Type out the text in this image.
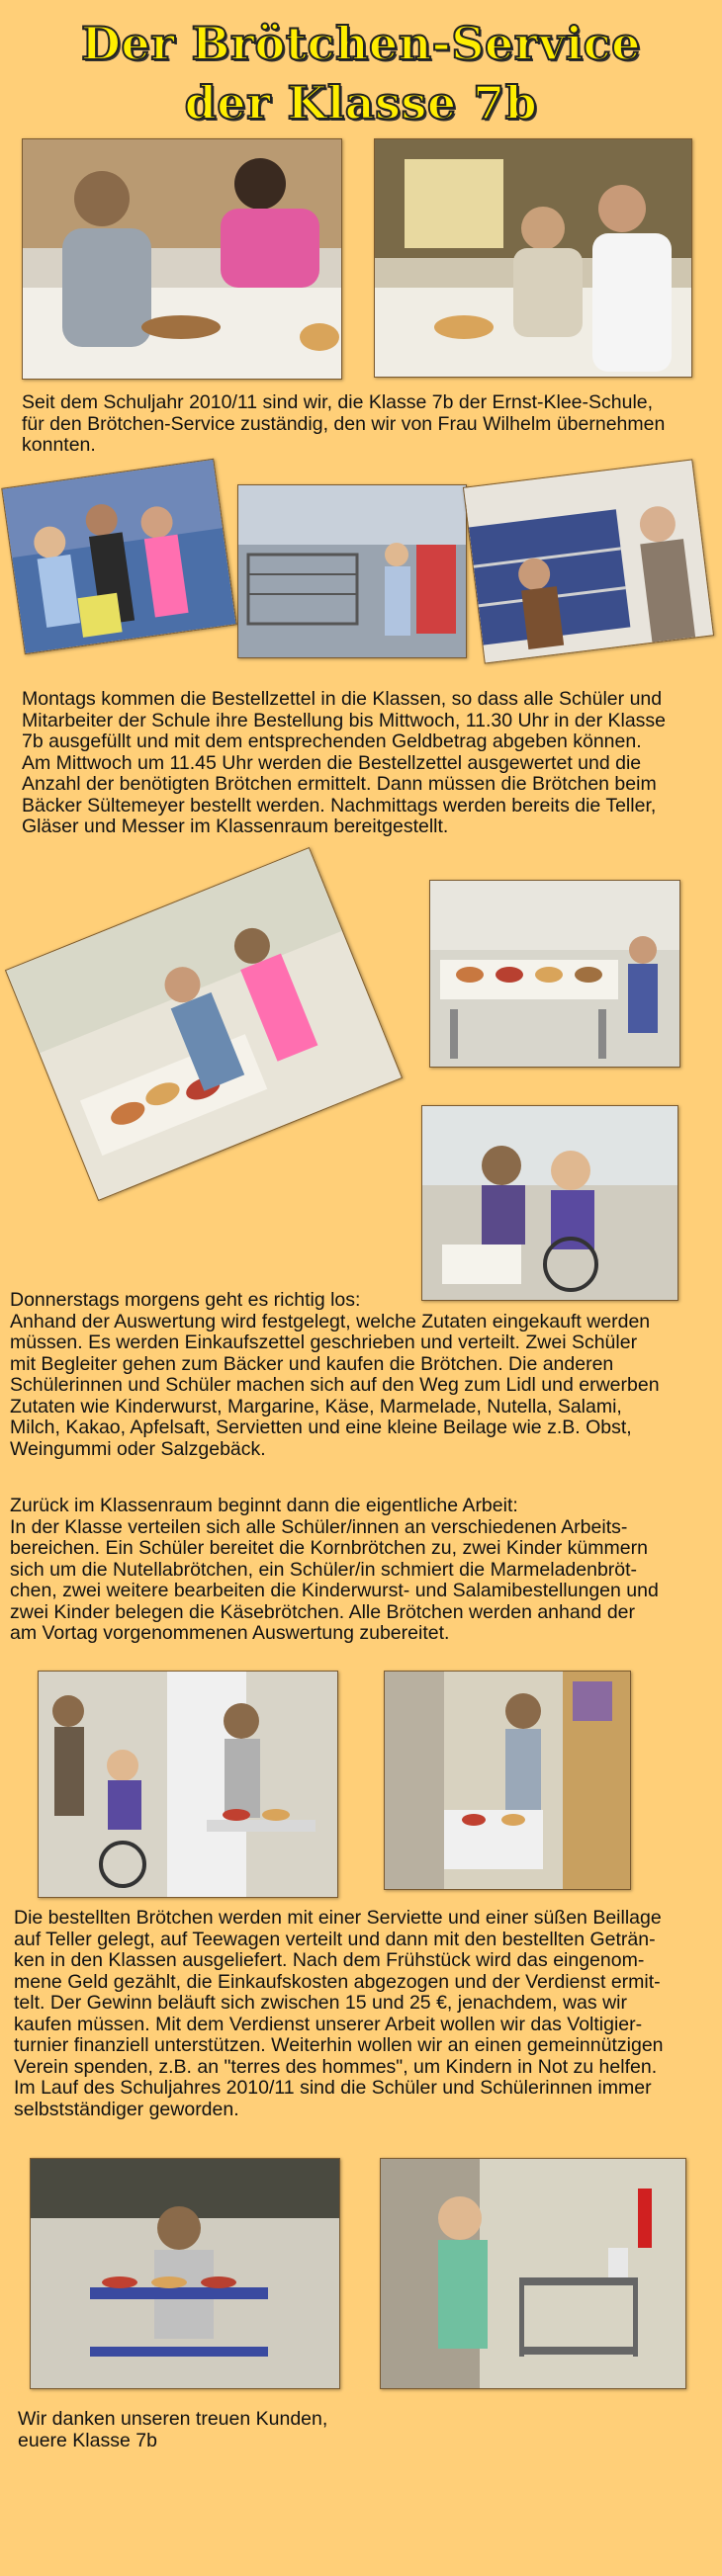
Der Brötchen-Service
der Klasse 7b
Seit dem Schuljahr 2010/11 sind wir, die Klasse 7b der Ernst-Klee-Schule,
für den Brötchen-Service zuständig, den wir von Frau Wilhelm übernehmen
konnten.
Montags kommen die Bestellzettel in die Klassen, so dass alle Schüler und
Mitarbeiter der Schule ihre Bestellung bis Mittwoch, 11.30 Uhr in der Klasse
7b ausgefüllt und mit dem entsprechenden Geldbetrag abgeben können.
Am Mittwoch um 11.45 Uhr werden die Bestellzettel ausgewertet und die
Anzahl der benötigten Brötchen ermittelt. Dann müssen die Brötchen beim
Bäcker Sültemeyer bestellt werden. Nachmittags werden bereits die Teller,
Gläser und Messer im Klassenraum bereitgestellt.
Donnerstags morgens geht es richtig los:
Anhand der Auswertung wird festgelegt, welche Zutaten eingekauft werden
müssen. Es werden Einkaufszettel geschrieben und verteilt. Zwei Schüler
mit Begleiter gehen zum Bäcker und kaufen die Brötchen. Die anderen
Schülerinnen und Schüler machen sich auf den Weg zum Lidl und erwerben
Zutaten wie Kinderwurst, Margarine, Käse, Marmelade, Nutella, Salami,
Milch, Kakao, Apfelsaft, Servietten und eine kleine Beilage wie z.B. Obst,
Weingummi oder Salzgebäck.
Zurück im Klassenraum beginnt dann die eigentliche Arbeit:
In der Klasse verteilen sich alle Schüler/innen an verschiedenen Arbeits-
bereichen. Ein Schüler bereitet die Kornbrötchen zu, zwei Kinder kümmern
sich um die Nutellabrötchen, ein Schüler/in schmiert die Marmeladenbröt-
chen, zwei weitere bearbeiten die Kinderwurst- und Salamibestellungen und
zwei Kinder belegen die Käsebrötchen. Alle Brötchen werden anhand der
am Vortag vorgenommenen Auswertung zubereitet.
Die bestellten Brötchen werden mit einer Serviette und einer süßen Beillage
auf Teller gelegt, auf Teewagen verteilt und dann mit den bestellten Geträn-
ken in den Klassen ausgeliefert. Nach dem Frühstück wird das eingenom-
mene Geld gezählt, die Einkaufskosten abgezogen und der Verdienst ermit-
telt. Der Gewinn beläuft sich zwischen 15 und 25 €, jenachdem, was wir
kaufen müssen. Mit dem Verdienst unserer Arbeit wollen wir das Voltigier-
turnier finanziell unterstützen. Weiterhin wollen wir an einen gemeinnützigen
Verein spenden, z.B. an "terres des hommes", um Kindern in Not zu helfen.
Im Lauf des Schuljahres 2010/11 sind die Schüler und Schülerinnen immer
selbstständiger geworden.
Wir danken unseren treuen Kunden,
euere Klasse 7b
